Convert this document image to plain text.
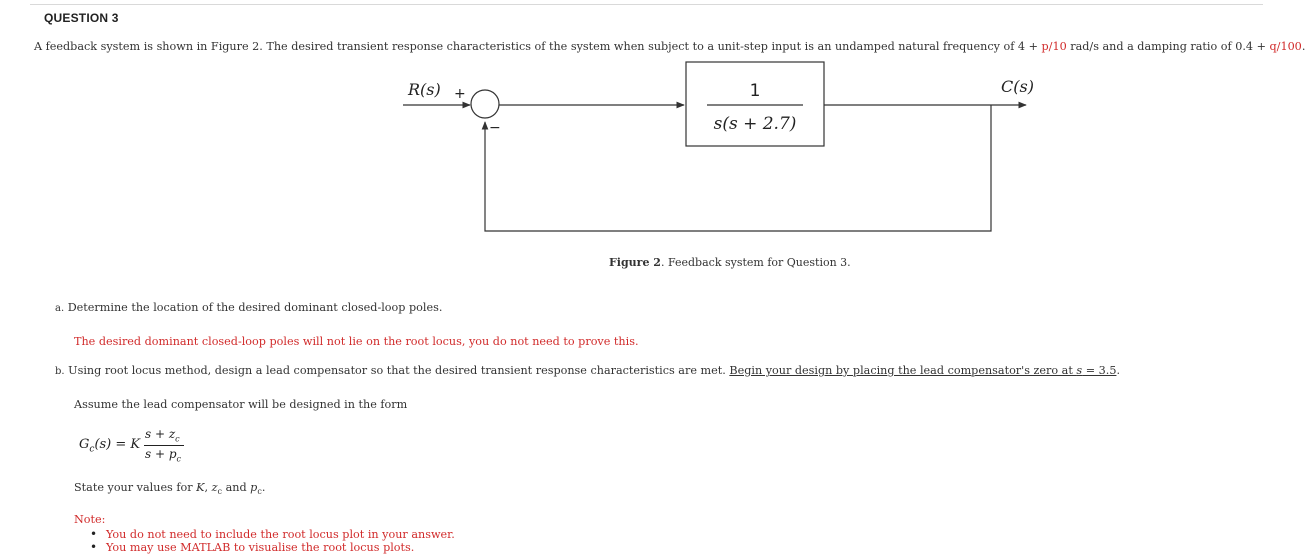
QUESTION 3
A feedback system is shown in Figure 2. The desired transient response characteristics of the system when subject to a unit-step input is an undamped natural frequency of 4 + p/10 rad/s and a damping ratio of 0.4 + q/100
1
s(s + 2.7)
R(s) +
−
C(s)
Figure 2. Feedback system for Question 3.
a. Determine the location of the desired dominant closed-loop poles.
The desired dominant closed-loop poles will not lie on the root locus, you do not need to prove this.
b. Using root locus method, design a lead compensator so that the desired transient response characteristics are met. Begin your design by placing the lead compensator's zero at s = 3.5.
Assume the lead compensator will be designed in the form
$G_c(s) = K$
$s + z_c$
$s + p_c$
State your values for K, $z_c$ and $p_c$.
Note:
• You do not need to include the root locus plot in your answer.
• You may use MATLAB to visualise the root locus plots.
